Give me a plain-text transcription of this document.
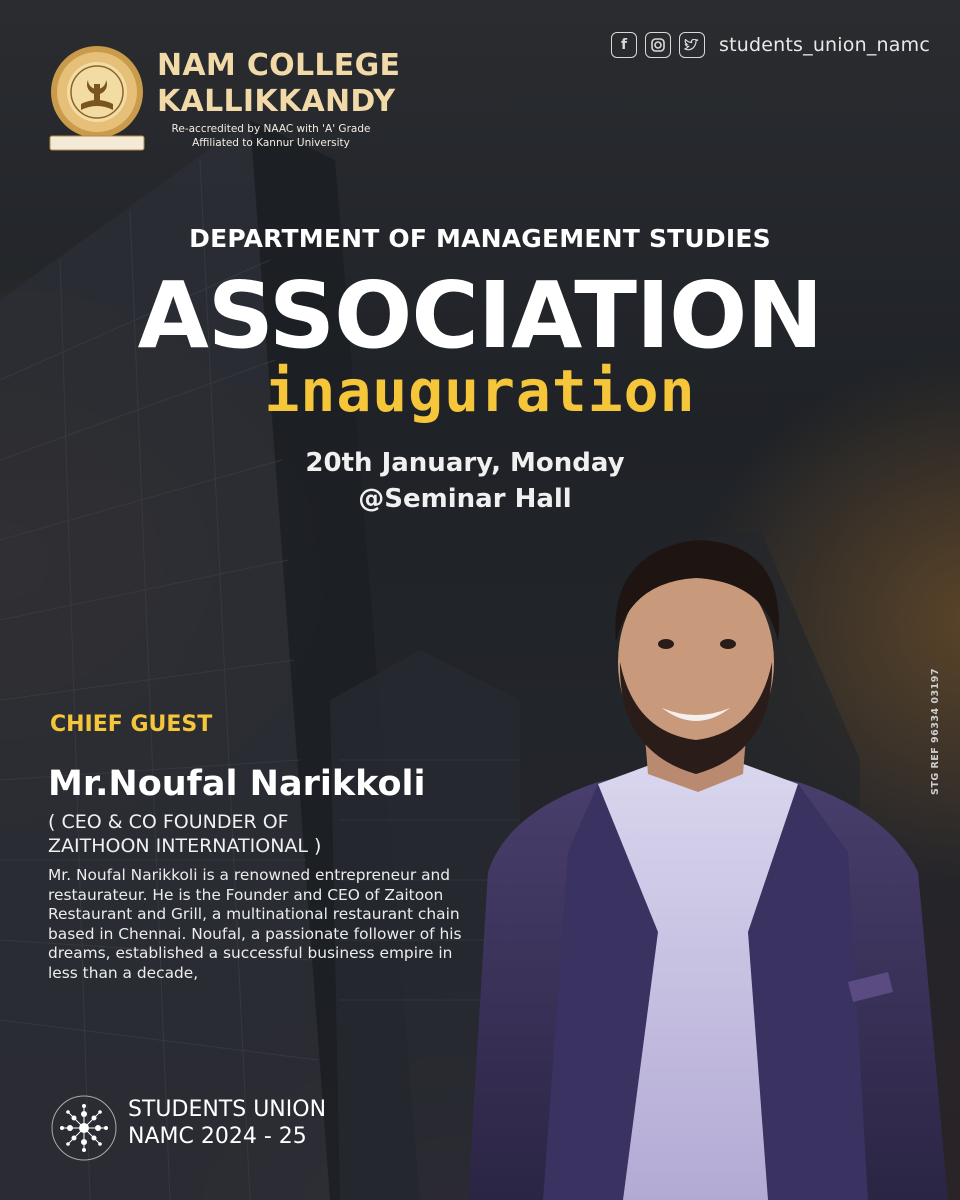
NAM COLLEGE
KALLIKKANDY
Re-accredited by NAAC with 'A' Grade
Affiliated to Kannur University
f	students_union_namc
DEPARTMENT OF MANAGEMENT STUDIES
ASSOCIATION
inauguration
20th January, Monday
@Seminar Hall
CHIEF GUEST
Mr.Noufal Narikkoli
( CEO & CO FOUNDER OF
ZAITHOON INTERNATIONAL )
Mr. Noufal Narikkoli is a renowned entrepreneur and restaurateur. He is the Founder and CEO of Zaitoon Restaurant and Grill, a multinational restaurant chain based in Chennai. Noufal, a passionate follower of his dreams, established a successful business empire in less than a decade,
STG REF 96334 03197
STUDENTS UNION
NAMC 2024 - 25
